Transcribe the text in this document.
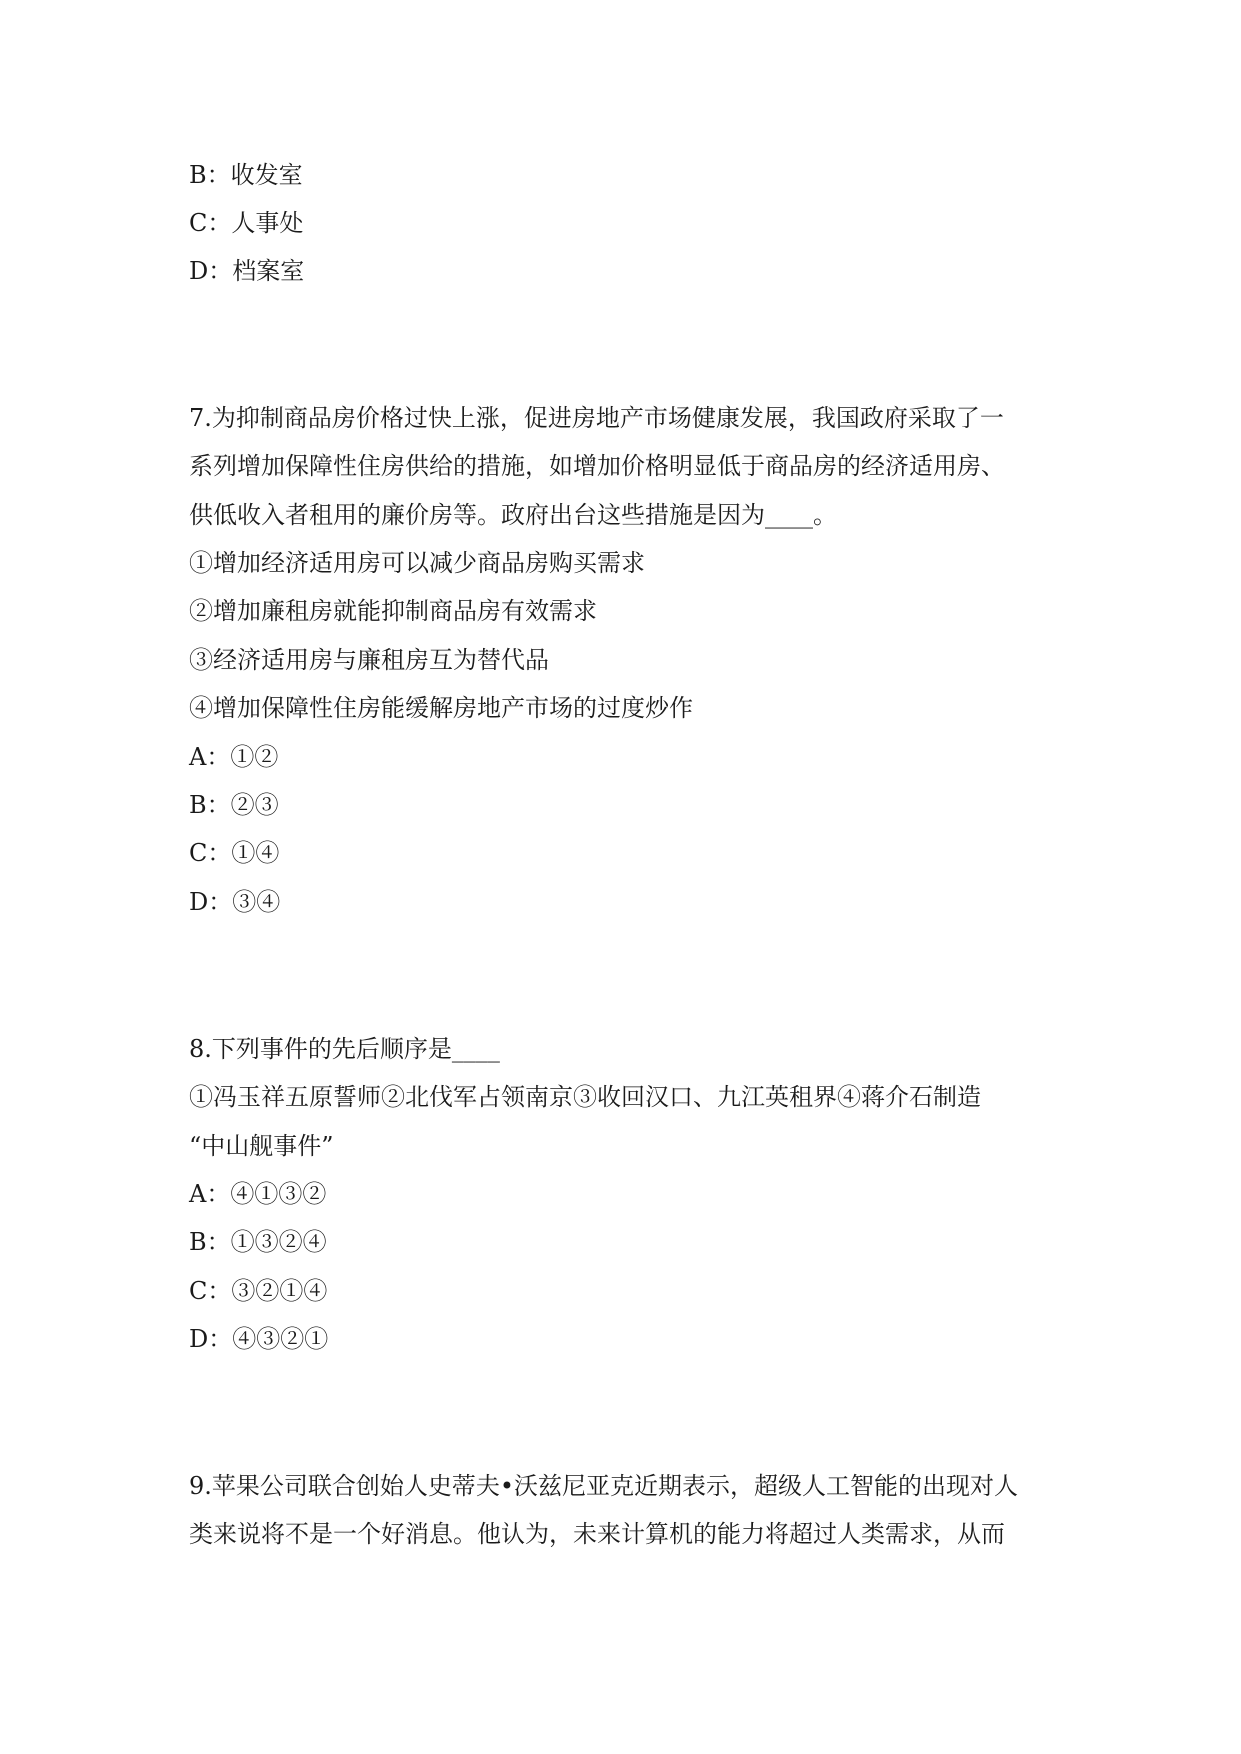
B：收发室
C：人事处
D：档案室
7.为抑制商品房价格过快上涨，促进房地产市场健康发展，我国政府采取了一
系列增加保障性住房供给的措施，如增加价格明显低于商品房的经济适用房、
供低收入者租用的廉价房等。政府出台这些措施是因为____。
①增加经济适用房可以减少商品房购买需求
②增加廉租房就能抑制商品房有效需求
③经济适用房与廉租房互为替代品
④增加保障性住房能缓解房地产市场的过度炒作
A：①②
B：②③
C：①④
D：③④
8.下列事件的先后顺序是____
①冯玉祥五原誓师②北伐军占领南京③收回汉口、九江英租界④蒋介石制造
“中山舰事件”
A：④①③②
B：①③②④
C：③②①④
D：④③②①
9.苹果公司联合创始人史蒂夫•沃兹尼亚克近期表示，超级人工智能的出现对人
类来说将不是一个好消息。他认为，未来计算机的能力将超过人类需求，从而
